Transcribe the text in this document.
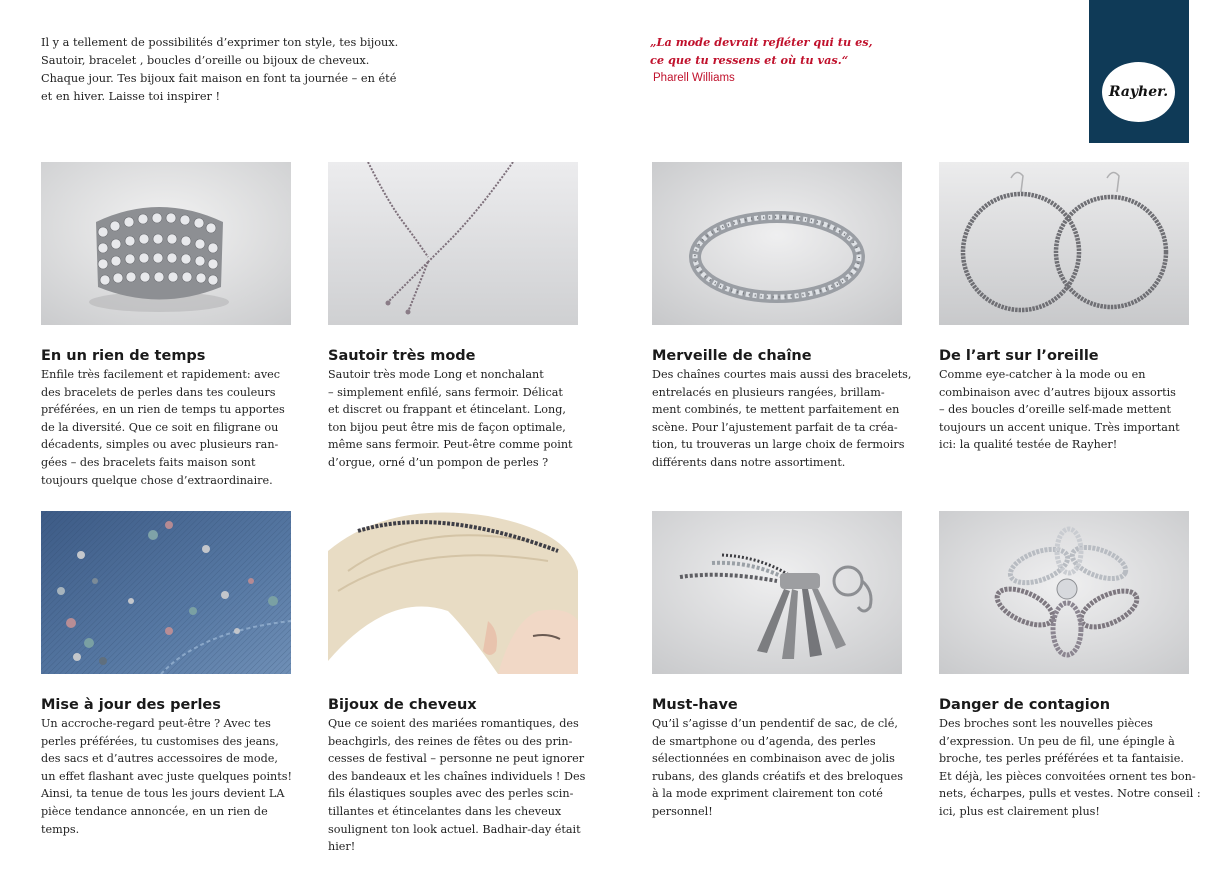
Il y a tellement de possibilités d’exprimer ton style, tes bijoux.
Sautoir, bracelet , boucles d’oreille ou bijoux de cheveux.
Chaque jour. Tes bijoux fait maison en font ta journée – en été
et en hiver. Laisse toi inspirer !
„La mode devrait refléter qui tu es,
ce que tu ressens et où tu vas.“
Pharell Williams
Rayher.
En un rien de temps
Enfile très facilement et rapidement: avec
des bracelets de perles dans tes couleurs
préférées, en un rien de temps tu apportes
de la diversité. Que ce soit en filigrane ou
décadents, simples ou avec plusieurs ran-
gées – des bracelets faits maison sont
toujours quelque chose d’extraordinaire.
Sautoir très mode
Sautoir très mode Long et nonchalant
– simplement enfilé, sans fermoir. Délicat
et discret ou frappant et étincelant. Long,
ton bijou peut être mis de façon optimale,
même sans fermoir. Peut-être comme point
d’orgue, orné d’un pompon de perles ?
Merveille de chaîne
Des chaînes courtes mais aussi des bracelets,
entrelacés en plusieurs rangées, brillam-
ment combinés, te mettent parfaitement en
scène. Pour l’ajustement parfait de ta créa-
tion, tu trouveras un large choix de fermoirs
différents dans notre assortiment.
De l’art sur l’oreille
Comme eye-catcher à la mode ou en
combinaison avec d’autres bijoux assortis
– des boucles d’oreille self-made mettent
toujours un accent unique. Très important
ici: la qualité testée de Rayher!
Mise à jour des perles
Un accroche-regard peut-être ? Avec tes
perles préférées, tu customises des jeans,
des sacs et d’autres accessoires de mode,
un effet flashant avec juste quelques points!
Ainsi, ta tenue de tous les jours devient LA
pièce tendance annoncée, en un rien de
temps.
Bijoux de cheveux
Que ce soient des mariées romantiques, des
beachgirls, des reines de fêtes ou des prin-
cesses de festival – personne ne peut ignorer
des bandeaux et les chaînes individuels ! Des
fils élastiques souples avec des perles scin-
tillantes et étincelantes dans les cheveux
soulignent ton look actuel. Badhair-day était
hier!
Must-have
Qu’il s’agisse d’un pendentif de sac, de clé,
de smartphone ou d’agenda, des perles
sélectionnées en combinaison avec de jolis
rubans, des glands créatifs et des breloques
à la mode expriment clairement ton coté
personnel!
Danger de contagion
Des broches sont les nouvelles pièces
d’expression. Un peu de fil, une épingle à
broche, tes perles préférées et ta fantaisie.
Et déjà, les pièces convoitées ornent tes bon-
nets, écharpes, pulls et vestes. Notre conseil :
ici, plus est clairement plus!
